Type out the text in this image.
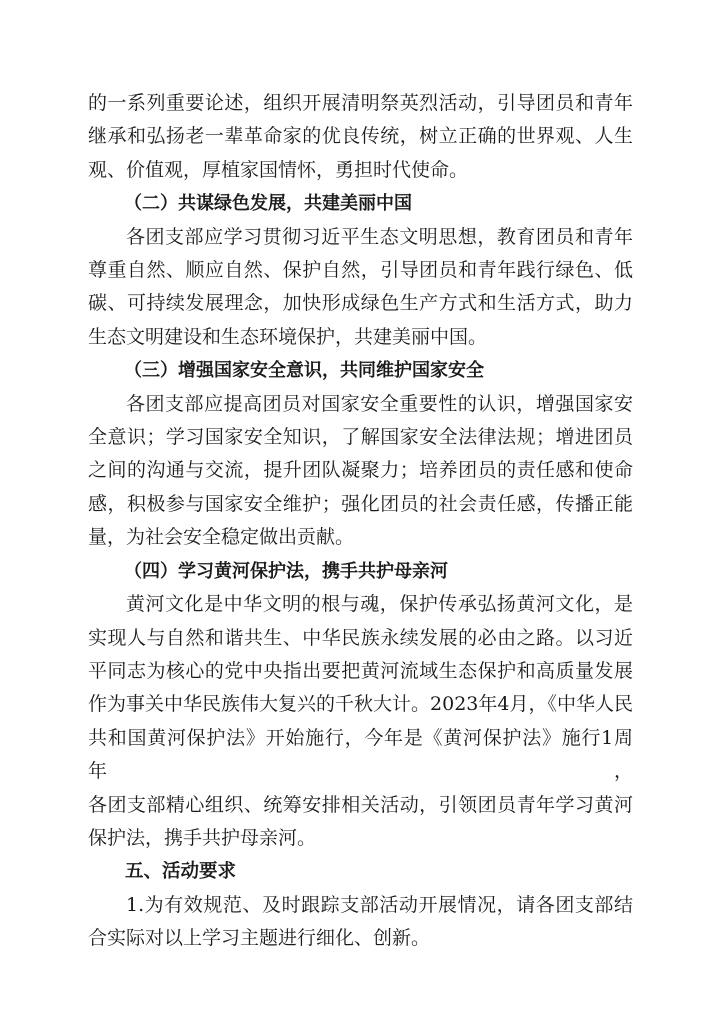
的一系列重要论述，组织开展清明祭英烈活动，引导团员和青年
继承和弘扬老一辈革命家的优良传统，树立正确的世界观、人生
观、价值观，厚植家国情怀，勇担时代使命。
（二）共谋绿色发展，共建美丽中国
各团支部应学习贯彻习近平生态文明思想，教育团员和青年
尊重自然、顺应自然、保护自然，引导团员和青年践行绿色、低
碳、可持续发展理念，加快形成绿色生产方式和生活方式，助力
生态文明建设和生态环境保护，共建美丽中国。
（三）增强国家安全意识，共同维护国家安全
各团支部应提高团员对国家安全重要性的认识，增强国家安
全意识；学习国家安全知识，了解国家安全法律法规；增进团员
之间的沟通与交流，提升团队凝聚力；培养团员的责任感和使命
感，积极参与国家安全维护；强化团员的社会责任感，传播正能
量，为社会安全稳定做出贡献。
（四）学习黄河保护法，携手共护母亲河
黄河文化是中华文明的根与魂，保护传承弘扬黄河文化，是
实现人与自然和谐共生、中华民族永续发展的必由之路。以习近
平同志为核心的党中央指出要把黄河流域生态保护和高质量发展
作为事关中华民族伟大复兴的千秋大计。2023年4月，《中华人民
共和国黄河保护法》开始施行，今年是《黄河保护法》施行1周年，
各团支部精心组织、统筹安排相关活动，引领团员青年学习黄河
保护法，携手共护母亲河。
五、活动要求
1.为有效规范、及时跟踪支部活动开展情况，请各团支部结
合实际对以上学习主题进行细化、创新。
